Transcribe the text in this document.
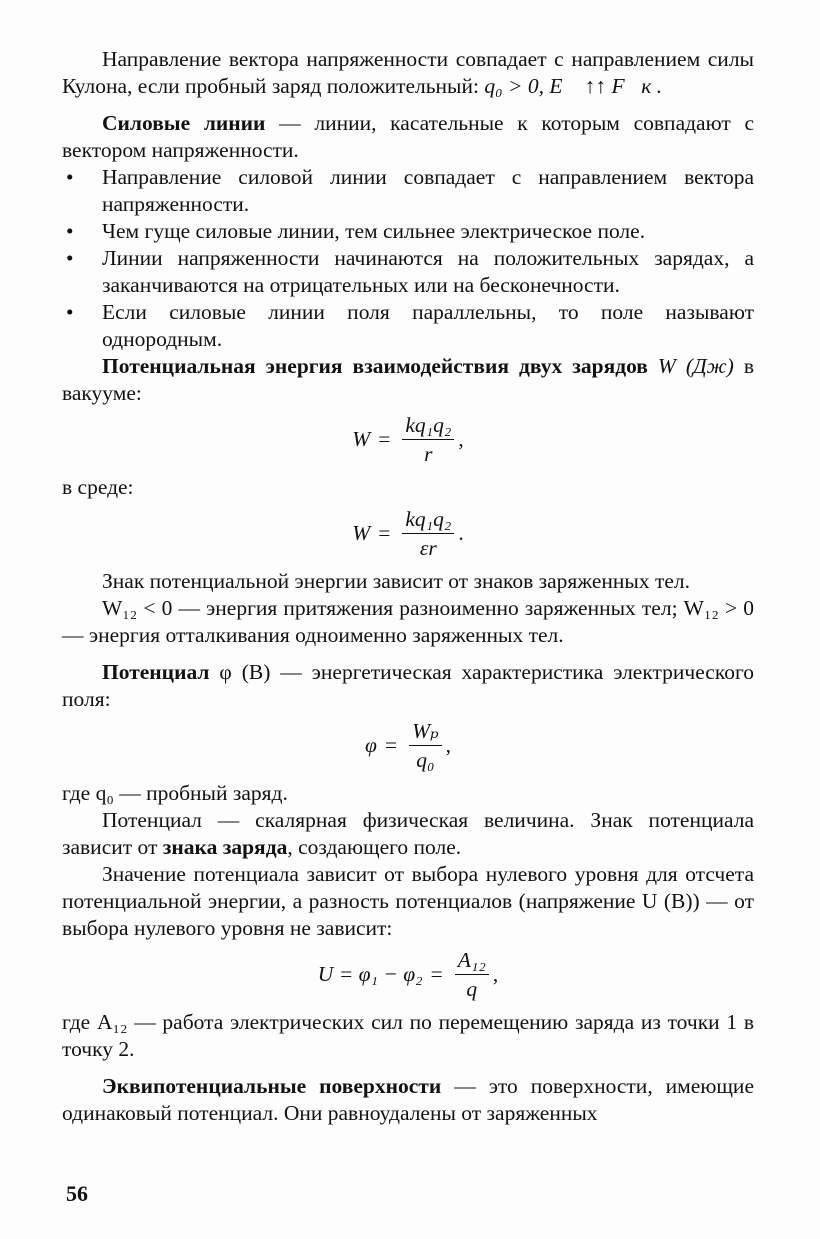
Направление вектора напряженности совпадает с направлением силы Кулона, если пробный заряд положительный: q₀ > 0, E⃗ ↑↑ F⃗к .

Силовые линии — линии, касательные к которым совпадают с вектором напряженности.

• Направление силовой линии совпадает с направлением вектора напряженности.
• Чем гуще силовые линии, тем сильнее электрическое поле.
• Линии напряженности начинаются на положительных зарядах, а заканчиваются на отрицательных или на бесконечности.
• Если силовые линии поля параллельны, то поле называют однородным.

Потенциальная энергия взаимодействия двух зарядов W (Дж) в вакууме:

$W = \frac{\text{kq₁q₂}}{r}$ ,

в среде:

$W = \frac{\text{kq₁q₂}}{\varepsilon r}$ .

Знак потенциальной энергии зависит от знаков заряженных тел.

W₁₂ < 0 — энергия притяжения разноименно заряженных тел; W₁₂ > 0 — энергия отталкивания одноименно заряженных тел.

Потенциал φ (В) — энергетическая характеристика электрического поля:

$\varphi = \frac{\text{Wₚ}}{\text{q₀}}$ ,

где q₀ — пробный заряд.

Потенциал — скалярная физическая величина. Знак потенциала зависит от знака заряда, создающего поле.

Значение потенциала зависит от выбора нулевого уровня для отсчета потенциальной энергии, а разность потенциалов (напряжение U (В)) — от выбора нулевого уровня не зависит:

$U = \varphi_1 - \varphi_2 = \frac{\text{A₁₂}}{q}$ ,

где A₁₂ — работа электрических сил по перемещению заряда из точки 1 в точку 2.

Эквипотенциальные поверхности — это поверхности, имеющие одинаковый потенциал. Они равноудалены от заряженных

56
